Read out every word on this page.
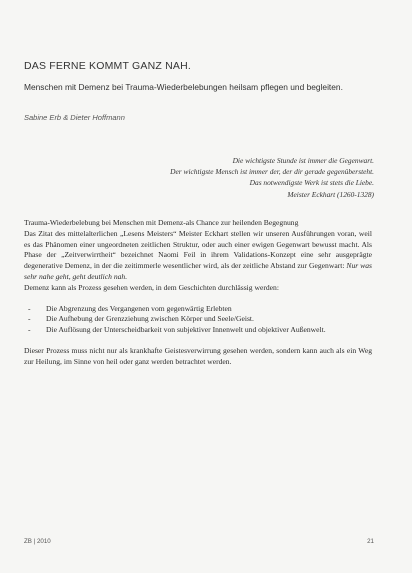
DAS FERNE KOMMT GANZ NAH.
Menschen mit Demenz bei Trauma-Wiederbelebungen heilsam pflegen und begleiten.
Sabine Erb & Dieter Hoffmann
Die wichtigste Stunde ist immer die Gegenwart.
Der wichtigste Mensch ist immer der, der dir gerade gegenübersteht.
Das notwendigste Werk ist stets die Liebe.
Meister Eckhart (1260-1328)

Trauma-Wiederbelebung bei Menschen mit Demenz-als Chance zur heilenden Begegnung

Das Zitat des mittelalterlichen „Lesens Meisters“ Meister Eckhart stellen wir unseren Ausführungen voran, weil es das Phänomen einer ungeordneten zeitlichen Struktur, oder auch einer ewigen Gegenwart bewusst macht. Als Phase der „Zeitverwirrtheit“ bezeichnet Naomi Feil in ihrem Validations-Konzept eine sehr ausgeprägte degenerative Demenz, in der die zeitimmerle wesentlicher wird, als der zeitliche Abstand zur Gegenwart: Nur was sehr nahe geht, geht deutlich nah.

Demenz kann als Prozess gesehen werden, in dem Geschichten durchlässig werden:

- Die Abgrenzung des Vergangenen vom gegenwärtig Erlebten
- Die Aufhebung der Grenzziehung zwischen Körper und Seele/Geist.
- Die Auflösung der Unterscheidbarkeit von subjektiver Innenwelt und objektiver Außenwelt.

Dieser Prozess muss nicht nur als krankhafte Geistesverwirrung gesehen werden, sondern kann auch als ein Weg zur Heilung, im Sinne von heil oder ganz werden betrachtet werden.

ZB | 2010	21
